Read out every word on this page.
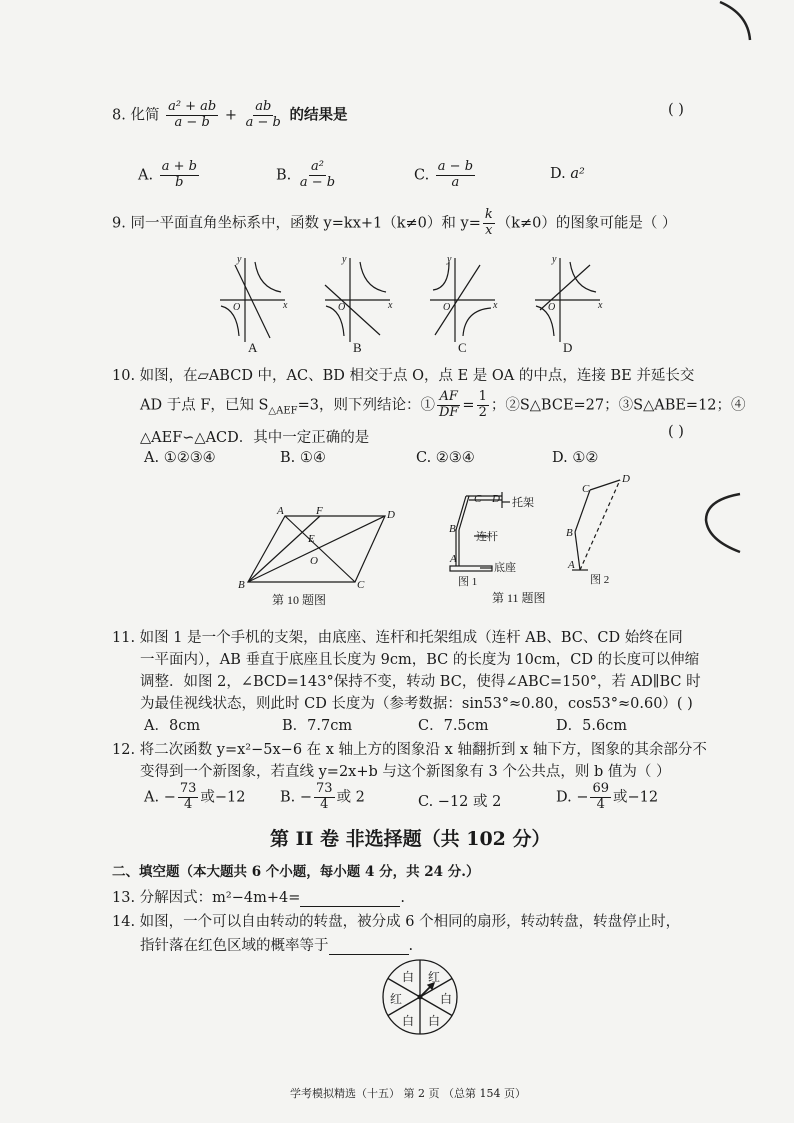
8. 化简 $\frac{\text{a² + ab}}{a - b} + \frac{ab}{a - b}$ 的结果是	( )
A. $\frac{a + b}{b}$	B. $\frac{\text{a²}}{a - b}$	C. $\frac{a - b}{a}$	D. a²
9. 同一平面直角坐标系中，函数 y=kx+1（k≠0）和 $y= \frac{k}{x} (k\ne 0)$的图象可能是（ ）
y
x
O
y
x
O
y
x
O
y
x
O
A	B	C	D
10. 如图，在▱ABCD 中，AC、BD 相交于点 O，点 E 是 OA 的中点，连接 BE 并延长交
AD 于点 F，已知 $S_{\triangle AEF}=3$，则下列结论：① $\frac{AF}{DF} = \frac{1}{2}$ ；②S△BCE=27；③S△ABE=12；④
△AEF∽△ACD．其中一定正确的是	( )
A. ①②③④	B. ①④	C. ②③④	D. ①②
A	F	D
E
O
B	C
第 10 题图
A
B
C D
A
B
C
D
托架
连杆
底座
图 1	图 2
第 11 题图
11. 如图 1 是一个手机的支架，由底座、连杆和托架组成（连杆 AB、BC、CD 始终在同
一平面内），AB 垂直于底座且长度为 9cm，BC 的长度为 10cm，CD 的长度可以伸缩
调整．如图 2，∠BCD=143°保持不变，转动 BC，使得∠ABC=150°，若 AD∥BC 时
为最佳视线状态，则此时 CD 长度为（参考数据：sin53°≈0.80，cos53°≈0.60）( )
A．8cm	B．7.7cm	C．7.5cm	D．5.6cm
12. 将二次函数 y=x²−5x−6 在 x 轴上方的图象沿 x 轴翻折到 x 轴下方，图象的其余部分不
变得到一个新图象，若直线 y=2x+b 与这个新图象有 3 个公共点，则 b 值为（ ）
A. − $\frac{73}{4}$ 或−12 B. − $\frac{73}{4}$ 或 2	C. −12 或 2	D. − $\frac{69}{4}$ 或−12
第 II 卷 非选择题（共 102 分）
二、填空题（本大题共 6 个小题，每小题 4 分，共 24 分.）
13. 分解因式：m²−4m+4=	.
14. 如图，一个可以自由转动的转盘，被分成 6 个相同的扇形，转动转盘，转盘停止时，
指针落在红色区域的概率等于	.
白 红
白
白
白
红
学考模拟精选（十五） 第 2 页 （总第 154 页）
